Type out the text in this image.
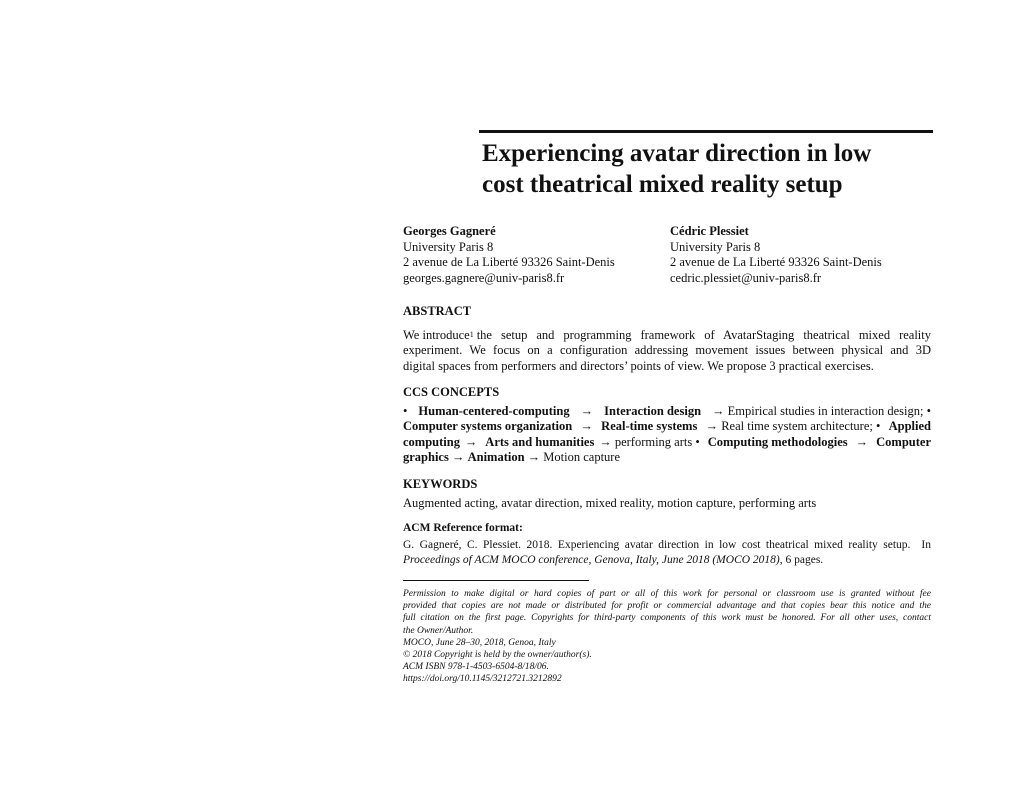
Experiencing avatar direction in low
cost theatrical mixed reality setup
Georges Gagneré
University Paris 8
2 avenue de La Liberté 93326 Saint-Denis
georges.gagnere@univ-paris8.fr
Cédric Plessiet
University Paris 8
2 avenue de La Liberté 93326 Saint-Denis
cedric.plessiet@univ-paris8.fr
ABSTRACT
We introduce$^1$ the setup and programming framework of AvatarStaging theatrical mixed reality
experiment. We focus on a configuration addressing movement issues between physical and 3D
digital spaces from performers and directors’ points of view. We propose 3 practical exercises.
CCS CONCEPTS
• Human-centered-computing → Interaction design → Empirical studies in interaction design; •
Computer systems organization → Real-time systems → Real time system architecture; • Applied
computing → Arts and humanities → performing arts • Computing methodologies → Computer
graphics → Animation → Motion capture
KEYWORDS
Augmented acting, avatar direction, mixed reality, motion capture, performing arts
ACM Reference format:
G. Gagneré, C. Plessiet. 2018. Experiencing avatar direction in low cost theatrical mixed reality setup.  In
Proceedings of ACM MOCO conference, Genova, Italy, June 2018 (MOCO 2018), 6 pages.
Permission to make digital or hard copies of part or all of this work for personal or classroom use is granted without fee
provided that copies are not made or distributed for profit or commercial advantage and that copies bear this notice and the
full citation on the first page. Copyrights for third-party components of this work must be honored. For all other uses, contact
the Owner/Author.
MOCO, June 28–30, 2018, Genoa, Italy
© 2018 Copyright is held by the owner/author(s).
ACM ISBN 978-1-4503-6504-8/18/06.
https://doi.org/10.1145/3212721.3212892
